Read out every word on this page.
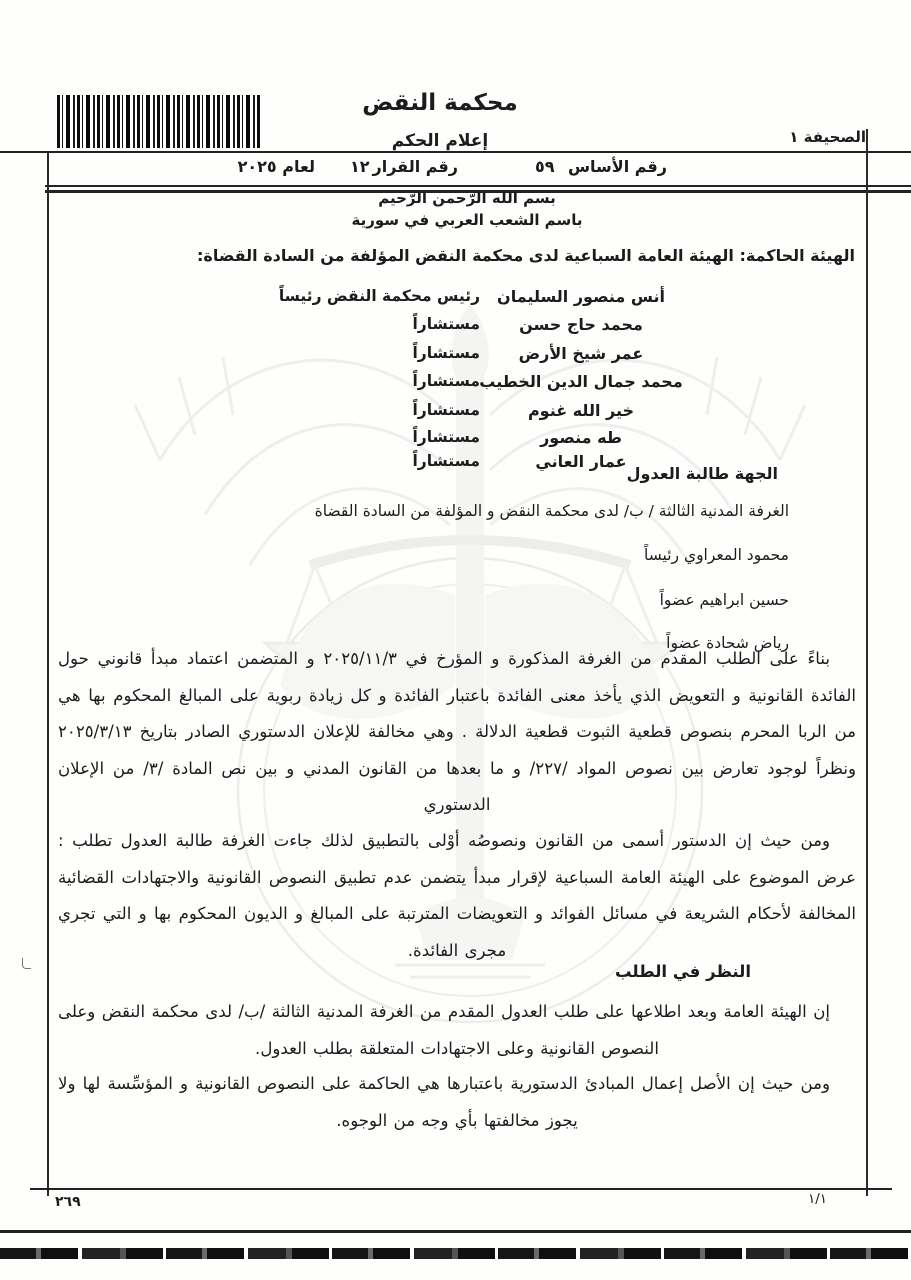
محكمة النقض
إعلام الحكم	الصحيفة ١
رقم الأساس
٥٩
رقم القرار
١٢
لعام ٢٠٢٥
بسم الله الرّحمن الرّحيم
باسم الشعب العربي في سورية
الهيئة الحاكمة: الهيئة العامة السباعية لدى محكمة النقض المؤلفة من السادة القضاة:
أنس منصور السليمان
رئيس محكمة النقض رئيساً
محمد حاج حسن
مستشاراً
عمر شيخ الأرض
مستشاراً
محمد جمال الدين الخطيب
مستشاراً
خير الله غنوم
مستشاراً
طه منصور
مستشاراً
عمار العاني
مستشاراً
الجهة طالبة العدول
الغرفة المدنية الثالثة / ب/ لدى محكمة النقض و المؤلفة من السادة القضاة
محمود المعراوي رئيساً
حسين ابراهيم عضواً
رياض شحادة عضواً
بناءً على الطلب المقدم من الغرفة المذكورة و المؤرخ في ٢٠٢٥/١١/٣ و المتضمن اعتماد مبدأ قانوني حول الفائدة القانونية و التعويض الذي يأخذ معنى الفائدة باعتبار الفائدة و كل زيادة ربوية على المبالغ المحكوم بها هي من الربا المحرم بنصوص قطعية الثبوت قطعية الدلالة . وهي مخالفة للإعلان الدستوري الصادر بتاريخ ٢٠٢٥/٣/١٣ ونظراً لوجود تعارض بين نصوص المواد /٢٢٧/ و ما بعدها من القانون المدني و بين نص المادة /٣/ من الإعلان الدستوري
ومن حيث إن الدستور أسمى من القانون ونصوصُه أوْلى بالتطبيق لذلك جاءت الغرفة طالبة العدول تطلب : عرض الموضوع على الهيئة العامة السباعية لإقرار مبدأ يتضمن عدم تطبيق النصوص القانونية والاجتهادات القضائية المخالفة لأحكام الشريعة في مسائل الفوائد و التعويضات المترتبة على المبالغ و الديون المحكوم بها و التي تجري مجرى الفائدة.
النظر في الطلب
إن الهيئة العامة وبعد اطلاعها على طلب العدول المقدم من الغرفة المدنية الثالثة /ب/ لدى محكمة النقض وعلى النصوص القانونية وعلى الاجتهادات المتعلقة بطلب العدول.
ومن حيث إن الأصل إعمال المبادئ الدستورية باعتبارها هي الحاكمة على النصوص القانونية و المؤسِّسة لها ولا يجوز مخالفتها بأي وجه من الوجوه.
٢٦٩	١/١
